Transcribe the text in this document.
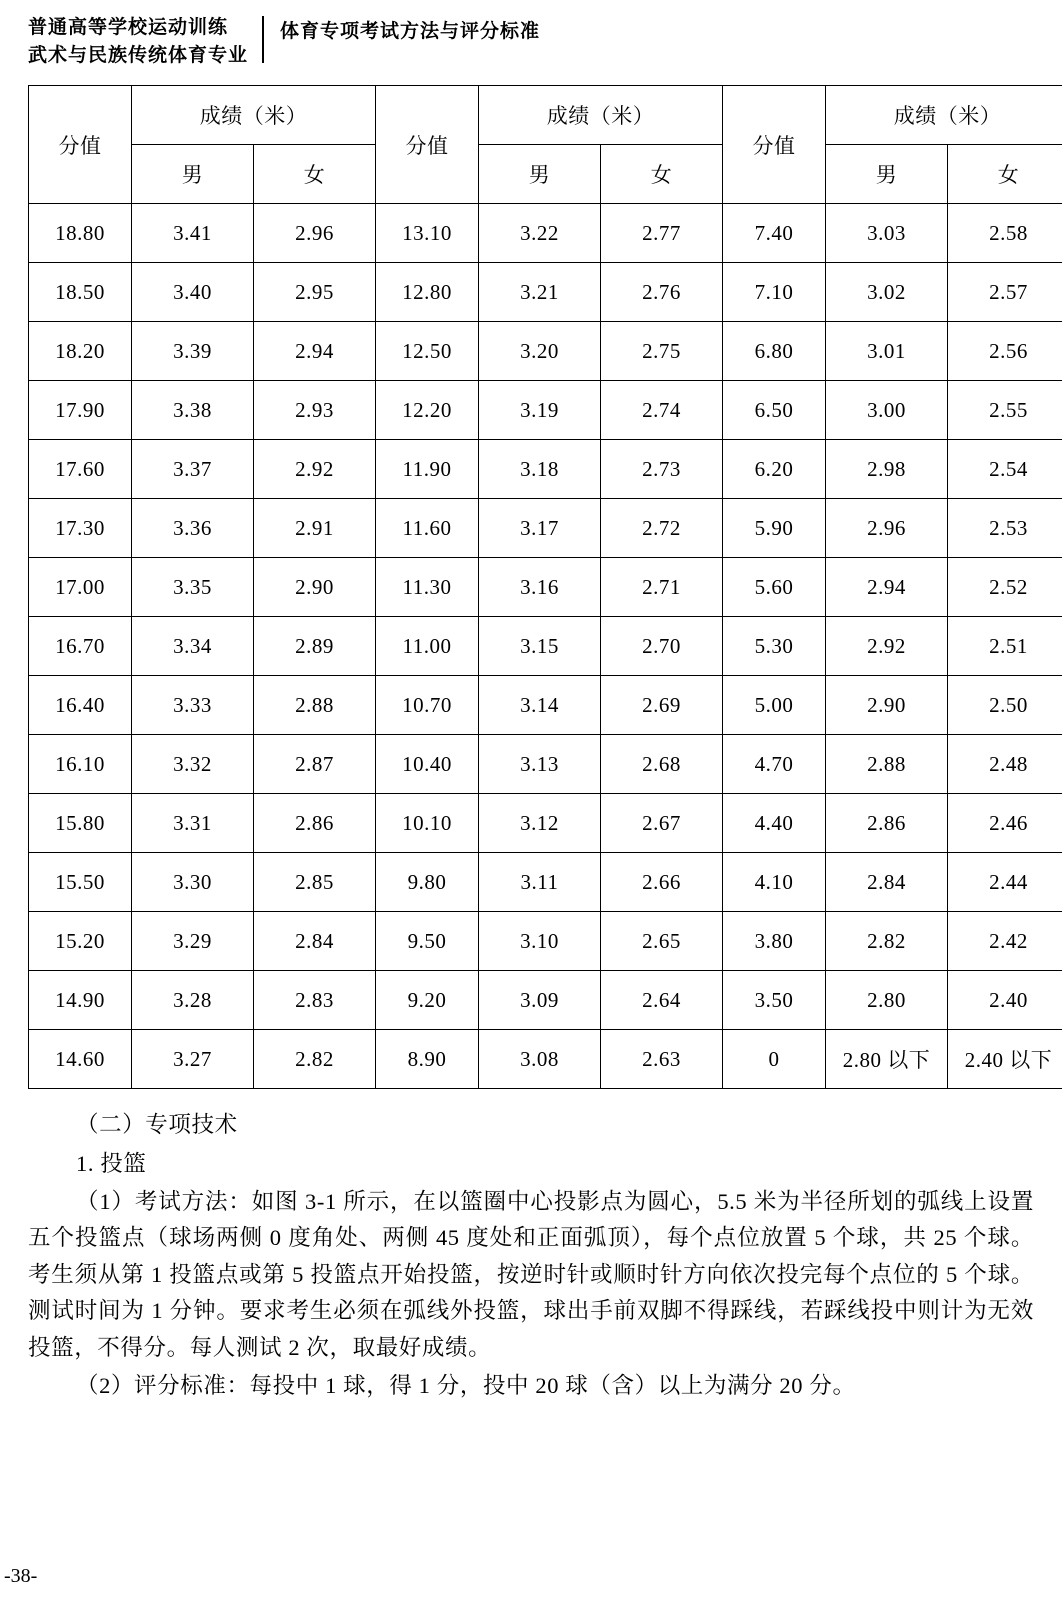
普通高等学校运动训练
武术与民族传统体育专业
体育专项考试方法与评分标准
分值	成绩（米）		分值	成绩（米）		分值	成绩（米）	
	男	女		男	女		男	女
18.80	3.41	2.96	13.10	3.22	2.77	7.40	3.03	2.58
18.50	3.40	2.95	12.80	3.21	2.76	7.10	3.02	2.57
18.20	3.39	2.94	12.50	3.20	2.75	6.80	3.01	2.56
17.90	3.38	2.93	12.20	3.19	2.74	6.50	3.00	2.55
17.60	3.37	2.92	11.90	3.18	2.73	6.20	2.98	2.54
17.30	3.36	2.91	11.60	3.17	2.72	5.90	2.96	2.53
17.00	3.35	2.90	11.30	3.16	2.71	5.60	2.94	2.52
16.70	3.34	2.89	11.00	3.15	2.70	5.30	2.92	2.51
16.40	3.33	2.88	10.70	3.14	2.69	5.00	2.90	2.50
16.10	3.32	2.87	10.40	3.13	2.68	4.70	2.88	2.48
15.80	3.31	2.86	10.10	3.12	2.67	4.40	2.86	2.46
15.50	3.30	2.85	9.80	3.11	2.66	4.10	2.84	2.44
15.20	3.29	2.84	9.50	3.10	2.65	3.80	2.82	2.42
14.90	3.28	2.83	9.20	3.09	2.64	3.50	2.80	2.40
14.60	3.27	2.82	8.90	3.08	2.63	0	2.80 以下	2.40 以下

（二）专项技术

1. 投篮

（1）考试方法：如图 3-1 所示，在以篮圈中心投影点为圆心，5.5 米为半径所划的弧线上设置五个投篮点（球场两侧 0 度角处、两侧 45 度处和正面弧顶），每个点位放置 5 个球，共 25 个球。考生须从第 1 投篮点或第 5 投篮点开始投篮，按逆时针或顺时针方向依次投完每个点位的 5 个球。测试时间为 1 分钟。要求考生必须在弧线外投篮，球出手前双脚不得踩线，若踩线投中则计为无效投篮，不得分。每人测试 2 次，取最好成绩。

（2）评分标准：每投中 1 球，得 1 分，投中 20 球（含）以上为满分 20 分。

-38-
